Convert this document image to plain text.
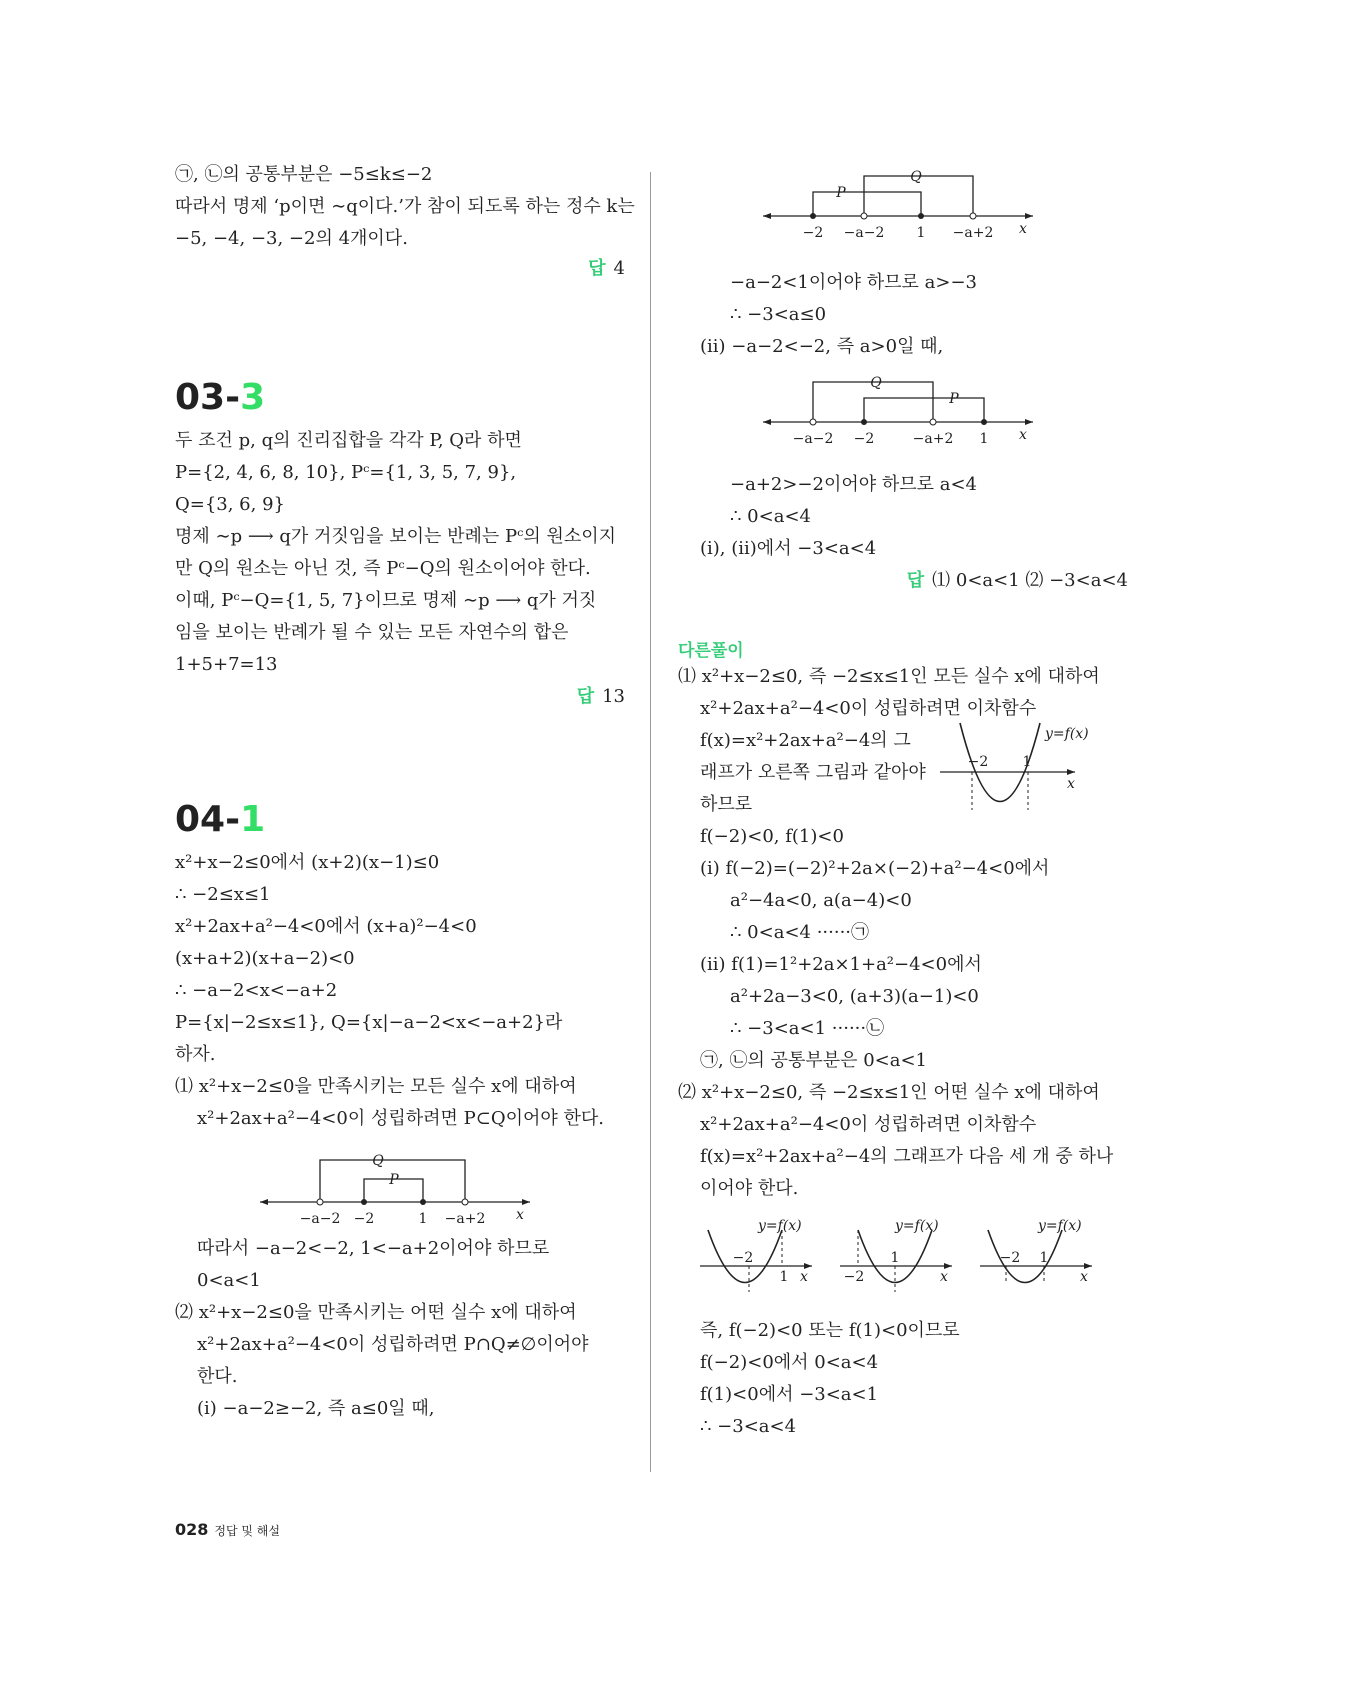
㉠, ㉡의 공통부분은 −5≤k≤−2
따라서 명제 ‘p이면 ∼q이다.’가 참이 되도록 하는 정수 k는
−5, −4, −3, −2의 4개이다.
답 4
03-3
두 조건 p, q의 진리집합을 각각 P, Q라 하면
P={2, 4, 6, 8, 10}, Pᶜ={1, 3, 5, 7, 9},
Q={3, 6, 9}
명제 ∼p ⟶ q가 거짓임을 보이는 반례는 Pᶜ의 원소이지
만 Q의 원소는 아닌 것, 즉 Pᶜ−Q의 원소이어야 한다.
이때, Pᶜ−Q={1, 5, 7}이므로 명제 ∼p ⟶ q가 거짓
임을 보이는 반례가 될 수 있는 모든 자연수의 합은
1+5+7=13
답 13
04-1
x²+x−2≤0에서 (x+2)(x−1)≤0
∴ −2≤x≤1
x²+2ax+a²−4<0에서 (x+a)²−4<0
(x+a+2)(x+a−2)<0
∴ −a−2<x<−a+2
P={x|−2≤x≤1}, Q={x|−a−2<x<−a+2}라
하자.
⑴ x²+x−2≤0을 만족시키는 모든 실수 x에 대하여
x²+2ax+a²−4<0이 성립하려면 P⊂Q이어야 한다.
Q
P
−a−2 −2	1 −a+2 x
따라서 −a−2<−2, 1<−a+2이어야 하므로
0<a<1
⑵ x²+x−2≤0을 만족시키는 어떤 실수 x에 대하여
x²+2ax+a²−4<0이 성립하려면 P∩Q≠∅이어야
한다.
(ⅰ) −a−2≥−2, 즉 a≤0일 때,
P
Q
−2 −a−2 1 −a+2 x
−a−2<1이어야 하므로 a>−3
∴ −3<a≤0
(ⅱ) −a−2<−2, 즉 a>0일 때,
Q
P
−a−2 −2	−a+2 1 x
−a+2>−2이어야 하므로 a<4
∴ 0<a<4
(ⅰ), (ⅱ)에서 −3<a<4
답 ⑴ 0<a<1 ⑵ −3<a<4
다른풀이
⑴ x²+x−2≤0, 즉 −2≤x≤1인 모든 실수 x에 대하여
x²+2ax+a²−4<0이 성립하려면 이차함수
f(x)=x²+2ax+a²−4의 그
래프가 오른쪽 그림과 같아야
하므로
−2 1
x
y=f(x)
f(−2)<0, f(1)<0
(ⅰ) f(−2)=(−2)²+2a×(−2)+a²−4<0에서
a²−4a<0, a(a−4)<0
∴ 0<a<4 ······㉠
(ⅱ) f(1)=1²+2a×1+a²−4<0에서
a²+2a−3<0, (a+3)(a−1)<0
∴ −3<a<1 ······㉡
㉠, ㉡의 공통부분은 0<a<1
⑵ x²+x−2≤0, 즉 −2≤x≤1인 어떤 실수 x에 대하여
x²+2ax+a²−4<0이 성립하려면 이차함수
f(x)=x²+2ax+a²−4의 그래프가 다음 세 개 중 하나
이어야 한다.
−2
1 x
y=f(x)
−2
1
x
y=f(x)
−2 1
x
y=f(x)
즉, f(−2)<0 또는 f(1)<0이므로
f(−2)<0에서 0<a<4
f(1)<0에서 −3<a<1
∴ −3<a<4
028 정답 및 해설
